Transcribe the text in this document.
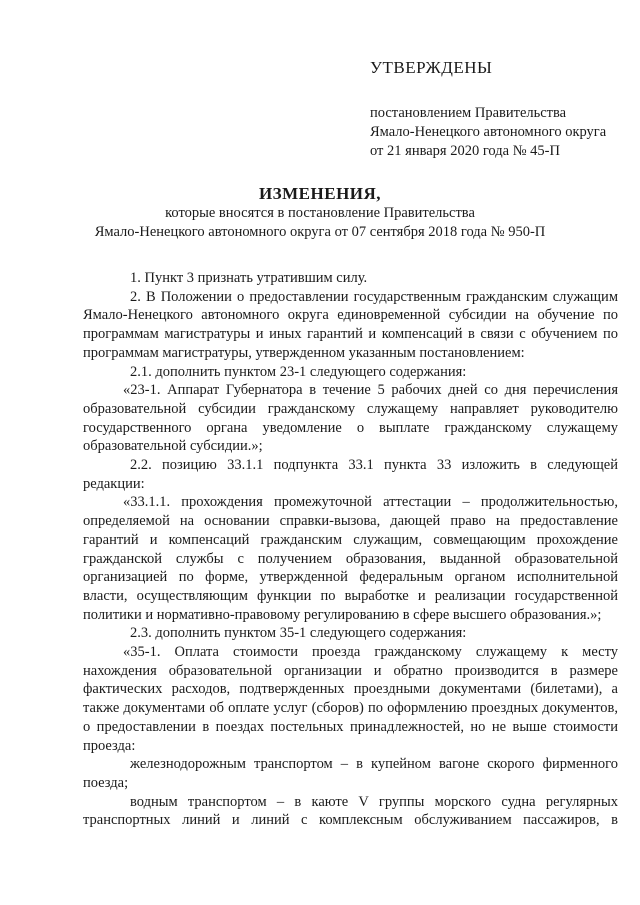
УТВЕРЖДЕНЫ
постановлением Правительства
Ямало-Ненецкого автономного округа
от 21 января 2020 года № 45-П
ИЗМЕНЕНИЯ,
которые вносятся в постановление Правительства
Ямало-Ненецкого автономного округа от 07 сентября 2018 года № 950-П

1. Пункт 3 признать утратившим силу.

2. В Положении о предоставлении государственным гражданским служащим Ямало-Ненецкого автономного округа единовременной субсидии на обучение по программам магистратуры и иных гарантий и компенсаций в связи с обучением по программам магистратуры, утвержденном указанным постановлением:

2.1. дополнить пунктом 23-1 следующего содержания:

«23-1. Аппарат Губернатора в течение 5 рабочих дней со дня перечисления образовательной субсидии гражданскому служащему направляет руководителю государственного органа уведомление о выплате гражданскому служащему образовательной субсидии.»;

2.2. позицию 33.1.1 подпункта 33.1 пункта 33 изложить в следующей редакции:

«33.1.1. прохождения промежуточной аттестации – продолжительностью, определяемой на основании справки-вызова, дающей право на предоставление гарантий и компенсаций гражданским служащим, совмещающим прохождение гражданской службы с получением образования, выданной образовательной организацией по форме, утвержденной федеральным органом исполнительной власти, осуществляющим функции по выработке и реализации государственной политики и нормативно-правовому регулированию в сфере высшего образования.»;

2.3. дополнить пунктом 35-1 следующего содержания:

«35-1. Оплата стоимости проезда гражданскому служащему к месту нахождения образовательной организации и обратно производится в размере фактических расходов, подтвержденных проездными документами (билетами), а также документами об оплате услуг (сборов) по оформлению проездных документов, о предоставлении в поездах постельных принадлежностей, но не выше стоимости проезда:

железнодорожным транспортом – в купейном вагоне скорого фирменного поезда;

водным транспортом – в каюте V группы морского судна регулярных транспортных линий и линий с комплексным обслуживанием пассажиров, в
